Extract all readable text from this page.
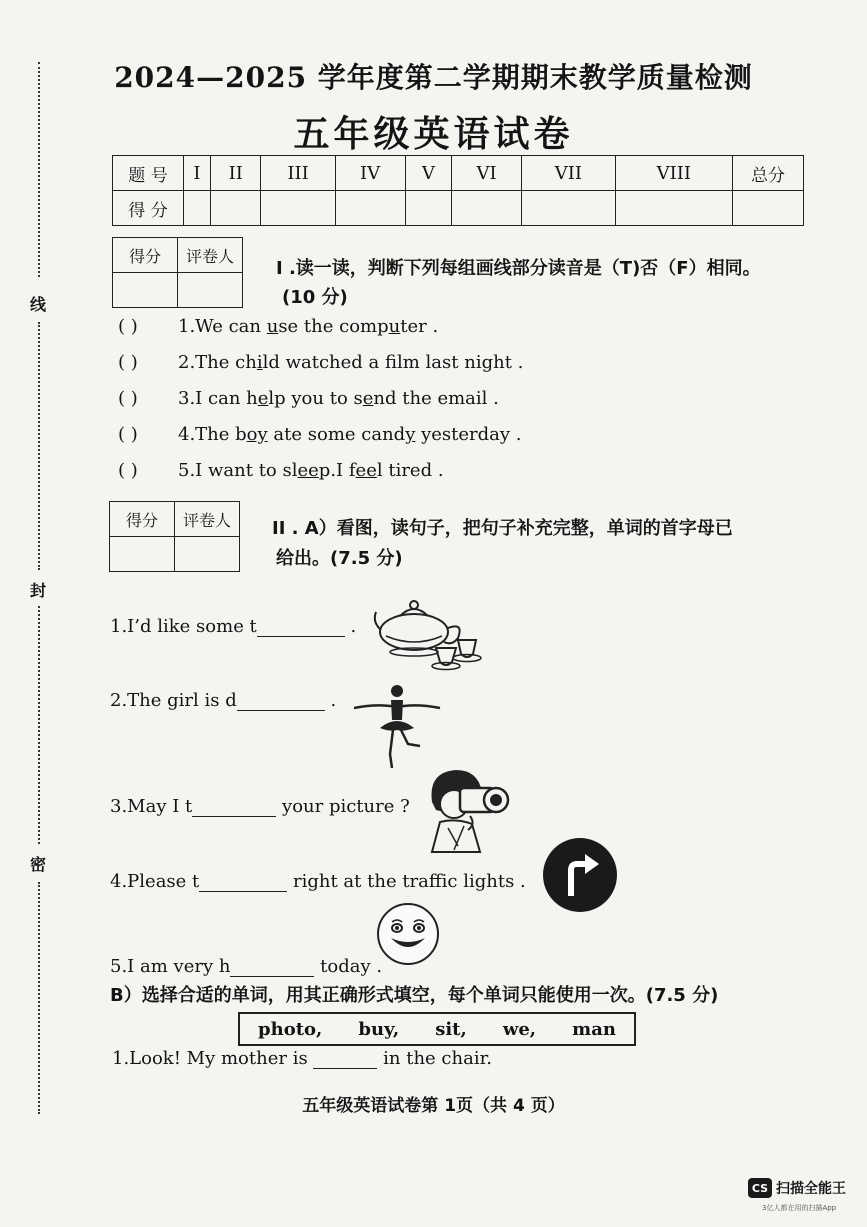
线
封
密
2024—2025 学年度第二学期期末教学质量检测
五年级英语试卷
题 号	I	II	III	IV	V	VI	VII	VIII	总分
得 分									
得分	评卷人

I .读一读，判断下列每组画线部分读音是（T)否（F）相同。
(10 分)
( ) 1.We can use the computer .
( ) 2.The child watched a flm last night .
( ) 3.I can help you to send the email .
( ) 4.The boy ate some candy yesterday .
( ) 5.I want to sleep.I feel tired .
得分	评卷人
	II . A）看图，读句子，把句子补充完整，单词的首字母已
给出。(7.5 分)
1.I’d like some t	.
2.The girl is d	.
3.May I t	your picture ?
4.Please t	right at the traffic lights .
5.I am very h	today .
B）选择合适的单词，用其正确形式填空，每个单词只能使用一次。(7.5 分)
photo, buy, sit, we, man
1.Look! My mother is	in the chair.
五年级英语试卷第 1页（共 4 页）
CS 扫描全能王
3亿人都在用的扫描App
